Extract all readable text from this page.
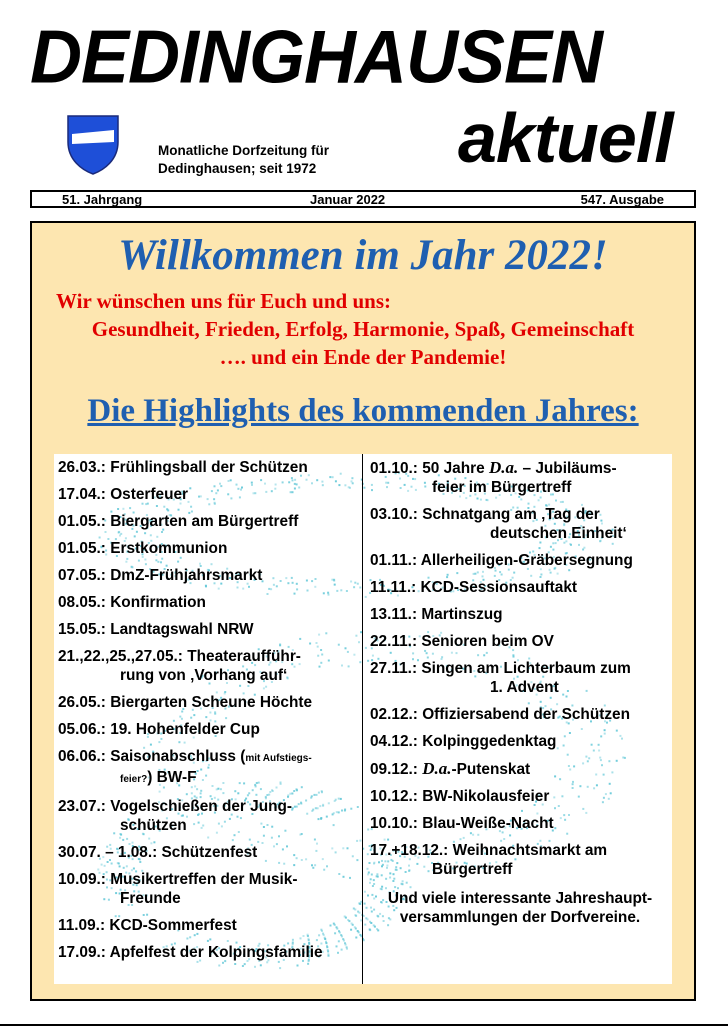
DEDINGHAUSEN
aktuell
Monatliche Dorfzeitung für
Dedinghausen; seit 1972
51. Jahrgang	Januar 2022	547. Ausgabe
Willkommen im Jahr 2022!
Wir wünschen uns für Euch und uns:
Gesundheit, Frieden, Erfolg, Harmonie, Spaß, Gemeinschaft
…. und ein Ende der Pandemie!
Die Highlights des kommenden Jahres:
26.03.: Frühlingsball der Schützen
17.04.: Osterfeuer
01.05.: Biergarten am Bürgertreff
01.05.: Erstkommunion
07.05.: DmZ-Frühjahrsmarkt
08.05.: Konfirmation
15.05.: Landtagswahl NRW
21.,22.,25.,27.05.: Theateraufführ-
rung von ‚Vorhang auf‘
26.05.: Biergarten Scheune Höchte
05.06.: 19. Hohenfelder Cup
06.06.: Saisonabschluss (mit Aufstiegs-
feier?) BW-F
23.07.: Vogelschießen der Jung-
schützen
30.07. – 1.08.: Schützenfest
10.09.: Musikertreffen der Musik-
Freunde
11.09.: KCD-Sommerfest
17.09.: Apfelfest der Kolpingsfamilie
01.10.: 50 Jahre D.a. – Jubiläums-
feier im Bürgertreff
03.10.: Schnatgang am ‚Tag der
deutschen Einheit‘
01.11.: Allerheiligen-Gräbersegnung
11.11.: KCD-Sessionsauftakt
13.11.: Martinszug
22.11.: Senioren beim OV
27.11.: Singen am Lichterbaum zum
1. Advent
02.12.: Offiziersabend der Schützen
04.12.: Kolpinggedenktag
09.12.: D.a.-Putenskat
10.12.: BW-Nikolausfeier
10.10.: Blau-Weiße-Nacht
17.+18.12.: Weihnachtsmarkt am
Bürgertreff
Und viele interessante Jahreshaupt-
versammlungen der Dorfvereine.
